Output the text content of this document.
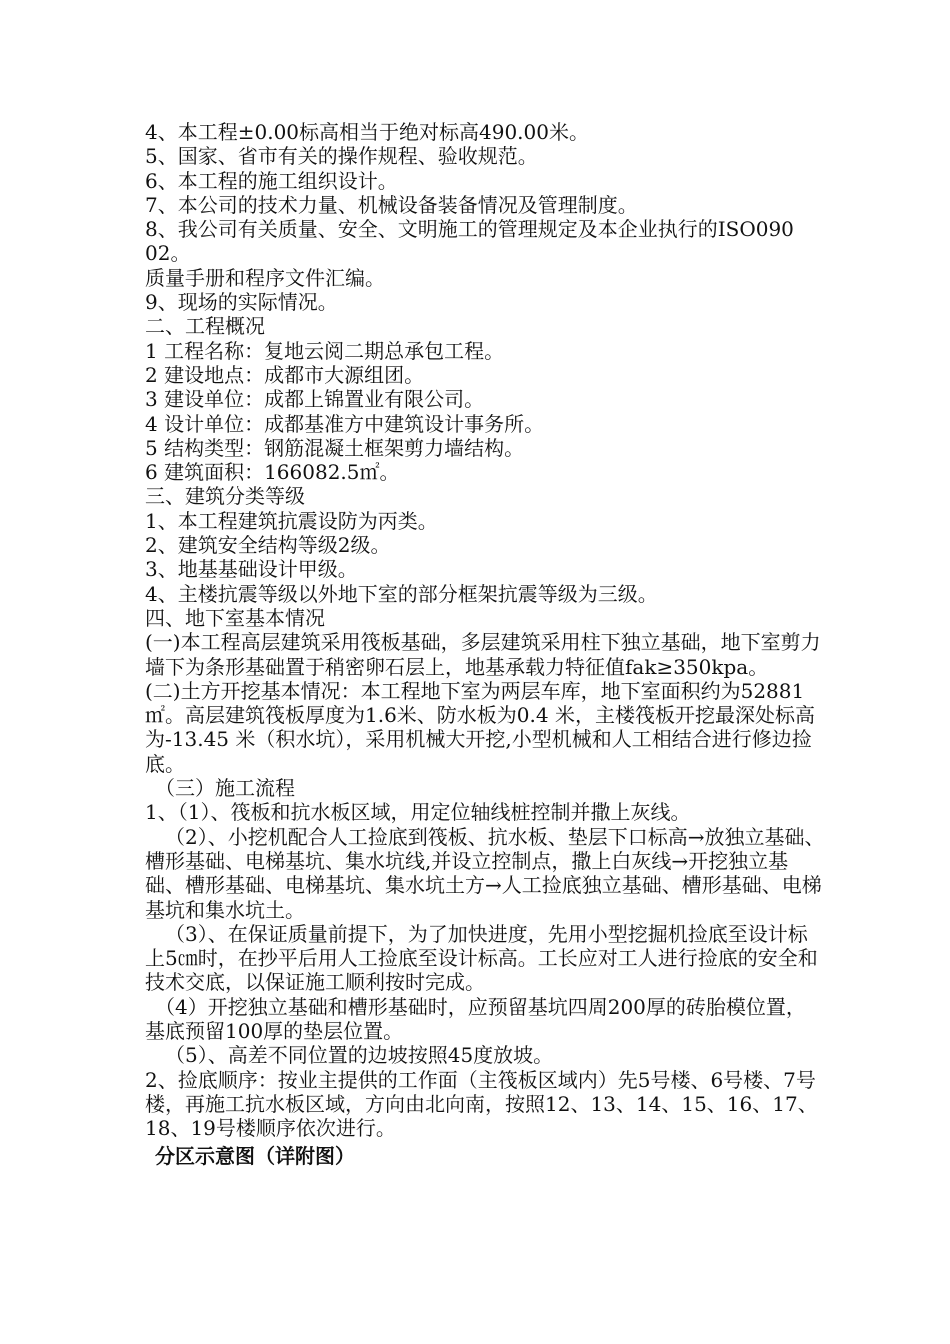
4、本工程±0.00标高相当于绝对标高490.00米。

5、国家、省市有关的操作规程、验收规范。

6、本工程的施工组织设计。

7、本公司的技术力量、机械设备装备情况及管理制度。

8、我公司有关质量、安全、文明施工的管理规定及本企业执行的ISO09002。

质量手册和程序文件汇编。

9、现场的实际情况。

二、工程概况

1 工程名称：复地云阅二期总承包工程。

2 建设地点：成都市大源组团。

3 建设单位：成都上锦置业有限公司。

4 设计单位：成都基准方中建筑设计事务所。

5 结构类型：钢筋混凝土框架剪力墙结构。

6 建筑面积：166082.5㎡。

三、建筑分类等级

1、本工程建筑抗震设防为丙类。

2、建筑安全结构等级2级。

3、地基基础设计甲级。

4、主楼抗震等级以外地下室的部分框架抗震等级为三级。

四、地下室基本情况

(一)本工程高层建筑采用筏板基础，多层建筑采用柱下独立基础，地下室剪力墙下为条形基础置于稍密卵石层上，地基承载力特征值fak≥350kpa。

(二)土方开挖基本情况：本工程地下室为两层车库，地下室面积约为52881㎡。高层建筑筏板厚度为1.6米、防水板为0.4 米，主楼筏板开挖最深处标高为-13.45 米（积水坑），采用机械大开挖,小型机械和人工相结合进行修边捡底。

（三）施工流程

1、（1）、筏板和抗水板区域，用定位轴线桩控制并撒上灰线。

（2）、小挖机配合人工捡底到筏板、抗水板、垫层下口标高→放独立基础、槽形基础、电梯基坑、集水坑线,并设立控制点，撒上白灰线→开挖独立基础、槽形基础、电梯基坑、集水坑土方→人工捡底独立基础、槽形基础、电梯基坑和集水坑土。

（3）、在保证质量前提下，为了加快进度，先用小型挖掘机捡底至设计标上5㎝时，在抄平后用人工捡底至设计标高。工长应对工人进行捡底的安全和技术交底，以保证施工顺利按时完成。

（4）开挖独立基础和槽形基础时，应预留基坑四周200厚的砖胎模位置，基底预留100厚的垫层位置。

（5）、高差不同位置的边坡按照45度放坡。

2、捡底顺序：按业主提供的工作面（主筏板区域内）先5号楼、6号楼、7号楼，再施工抗水板区域，方向由北向南，按照12、13、14、15、16、17、18、19号楼顺序依次进行。

分区示意图（详附图）
